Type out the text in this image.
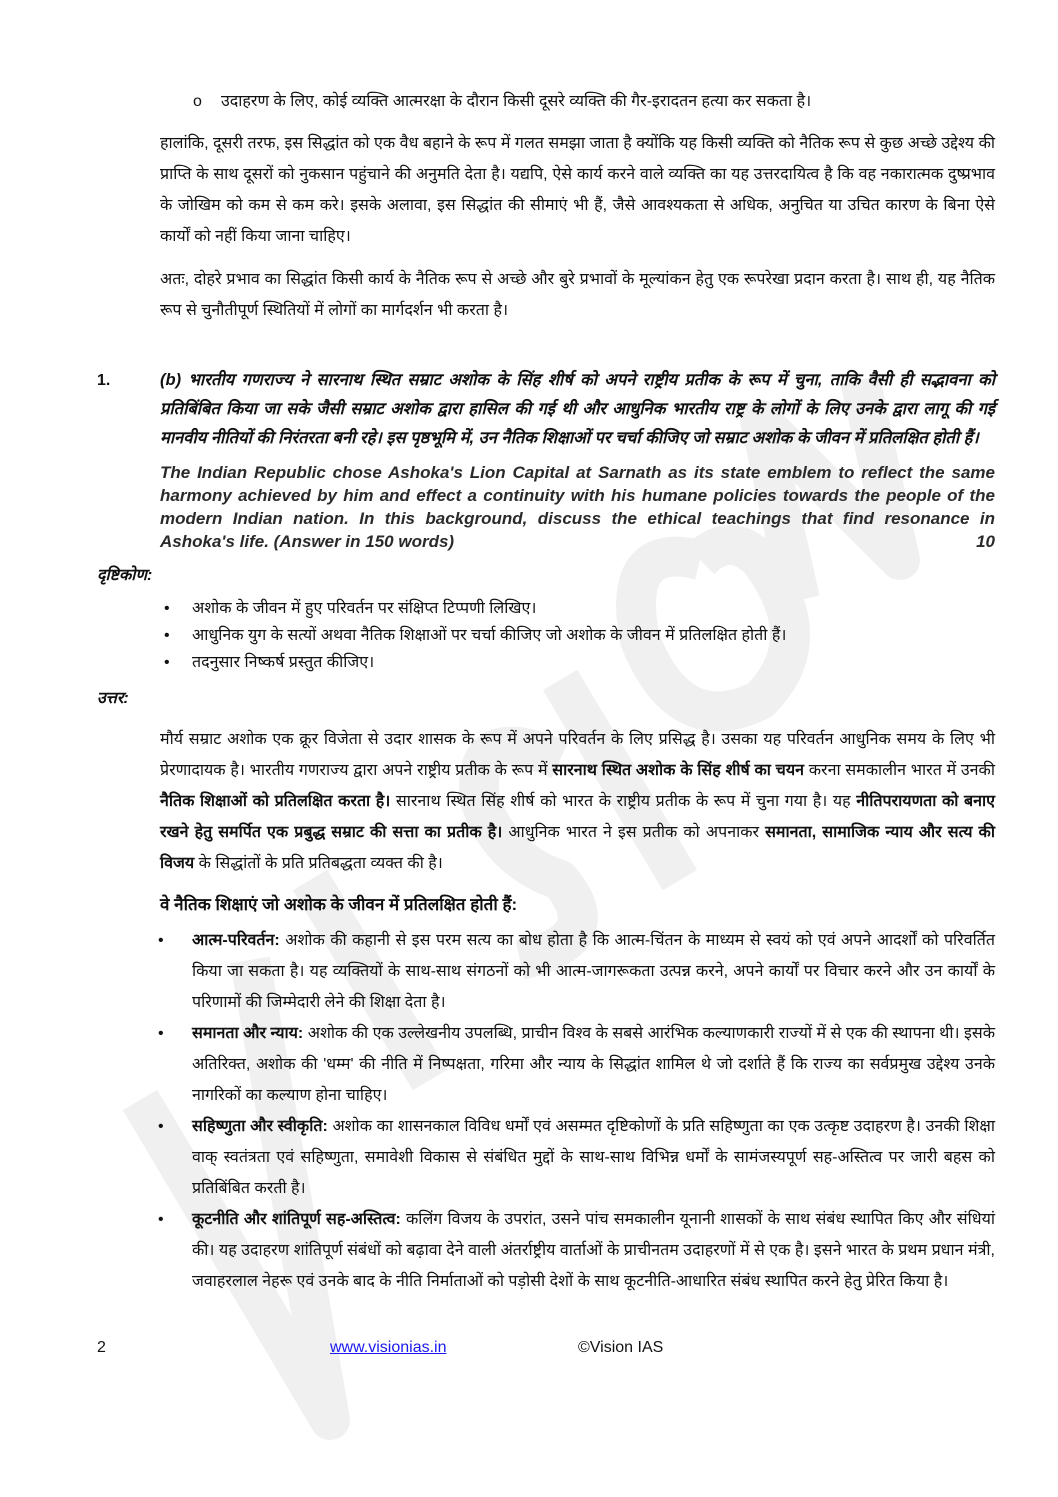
o	उदाहरण के लिए, कोई व्यक्ति आत्मरक्षा के दौरान किसी दूसरे व्यक्ति की गैर-इरादतन हत्या कर सकता है।
हालांकि, दूसरी तरफ, इस सिद्धांत को एक वैध बहाने के रूप में गलत समझा जाता है क्योंकि यह किसी व्यक्ति को नैतिक रूप से कुछ अच्छे उद्देश्य की प्राप्ति के साथ दूसरों को नुकसान पहुंचाने की अनुमति देता है। यद्यपि, ऐसे कार्य करने वाले व्यक्ति का यह उत्तरदायित्व है कि वह नकारात्मक दुष्प्रभाव के जोखिम को कम से कम करे। इसके अलावा, इस सिद्धांत की सीमाएं भी हैं, जैसे आवश्यकता से अधिक, अनुचित या उचित कारण के बिना ऐसे कार्यों को नहीं किया जाना चाहिए।
अतः, दोहरे प्रभाव का सिद्धांत किसी कार्य के नैतिक रूप से अच्छे और बुरे प्रभावों के मूल्यांकन हेतु एक रूपरेखा प्रदान करता है। साथ ही, यह नैतिक रूप से चुनौतीपूर्ण स्थितियों में लोगों का मार्गदर्शन भी करता है।
1.	(b) भारतीय गणराज्य ने सारनाथ स्थित सम्राट अशोक के सिंह शीर्ष को अपने राष्ट्रीय प्रतीक के रूप में चुना, ताकि वैसी ही सद्भावना को प्रतिबिंबित किया जा सके जैसी सम्राट अशोक द्वारा हासिल की गई थी और आधुनिक भारतीय राष्ट्र के लोगों के लिए उनके द्वारा लागू की गई मानवीय नीतियों की निरंतरता बनी रहे। इस पृष्ठभूमि में, उन नैतिक शिक्षाओं पर चर्चा कीजिए जो सम्राट अशोक के जीवन में प्रतिलक्षित होती हैं।
The Indian Republic chose Ashoka's Lion Capital at Sarnath as its state emblem to reflect the same harmony achieved by him and effect a continuity with his humane policies towards the people of the modern Indian nation. In this background, discuss the ethical teachings that find resonance in Ashoka's life. (Answer in 150 words)	10
दृष्टिकोण:
• अशोक के जीवन में हुए परिवर्तन पर संक्षिप्त टिप्पणी लिखिए।
• आधुनिक युग के सत्यों अथवा नैतिक शिक्षाओं पर चर्चा कीजिए जो अशोक के जीवन में प्रतिलक्षित होती हैं।
• तदनुसार निष्कर्ष प्रस्तुत कीजिए।
उत्तर:
मौर्य सम्राट अशोक एक क्रूर विजेता से उदार शासक के रूप में अपने परिवर्तन के लिए प्रसिद्ध है। उसका यह परिवर्तन आधुनिक समय के लिए भी प्रेरणादायक है। भारतीय गणराज्य द्वारा अपने राष्ट्रीय प्रतीक के रूप में सारनाथ स्थित अशोक के सिंह शीर्ष का चयन करना समकालीन भारत में उनकी नैतिक शिक्षाओं को प्रतिलक्षित करता है। सारनाथ स्थित सिंह शीर्ष को भारत के राष्ट्रीय प्रतीक के रूप में चुना गया है। यह नीतिपरायणता को बनाए रखने हेतु समर्पित एक प्रबुद्ध सम्राट की सत्ता का प्रतीक है। आधुनिक भारत ने इस प्रतीक को अपनाकर समानता, सामाजिक न्याय और सत्य की विजय के सिद्धांतों के प्रति प्रतिबद्धता व्यक्त की है।
वे नैतिक शिक्षाएं जो अशोक के जीवन में प्रतिलक्षित होती हैं:
• आत्म-परिवर्तन: अशोक की कहानी से इस परम सत्य का बोध होता है कि आत्म-चिंतन के माध्यम से स्वयं को एवं अपने आदर्शों को परिवर्तित किया जा सकता है। यह व्यक्तियों के साथ-साथ संगठनों को भी आत्म-जागरूकता उत्पन्न करने, अपने कार्यों पर विचार करने और उन कार्यों के परिणामों की जिम्मेदारी लेने की शिक्षा देता है।
• समानता और न्याय: अशोक की एक उल्लेखनीय उपलब्धि, प्राचीन विश्व के सबसे आरंभिक कल्याणकारी राज्यों में से एक की स्थापना थी। इसके अतिरिक्त, अशोक की 'धम्म' की नीति में निष्पक्षता, गरिमा और न्याय के सिद्धांत शामिल थे जो दर्शाते हैं कि राज्य का सर्वप्रमुख उद्देश्य उनके नागरिकों का कल्याण होना चाहिए।
• सहिष्णुता और स्वीकृति: अशोक का शासनकाल विविध धर्मों एवं असम्मत दृष्टिकोणों के प्रति सहिष्णुता का एक उत्कृष्ट उदाहरण है। उनकी शिक्षा वाक् स्वतंत्रता एवं सहिष्णुता, समावेशी विकास से संबंधित मुद्दों के साथ-साथ विभिन्न धर्मों के सामंजस्यपूर्ण सह-अस्तित्व पर जारी बहस को प्रतिबिंबित करती है।
• कूटनीति और शांतिपूर्ण सह-अस्तित्व: कलिंग विजय के उपरांत, उसने पांच समकालीन यूनानी शासकों के साथ संबंध स्थापित किए और संधियां की। यह उदाहरण शांतिपूर्ण संबंधों को बढ़ावा देने वाली अंतर्राष्ट्रीय वार्ताओं के प्राचीनतम उदाहरणों में से एक है। इसने भारत के प्रथम प्रधान मंत्री, जवाहरलाल नेहरू एवं उनके बाद के नीति निर्माताओं को पड़ोसी देशों के साथ कूटनीति-आधारित संबंध स्थापित करने हेतु प्रेरित किया है।
2	www.visionias.in	©Vision IAS
